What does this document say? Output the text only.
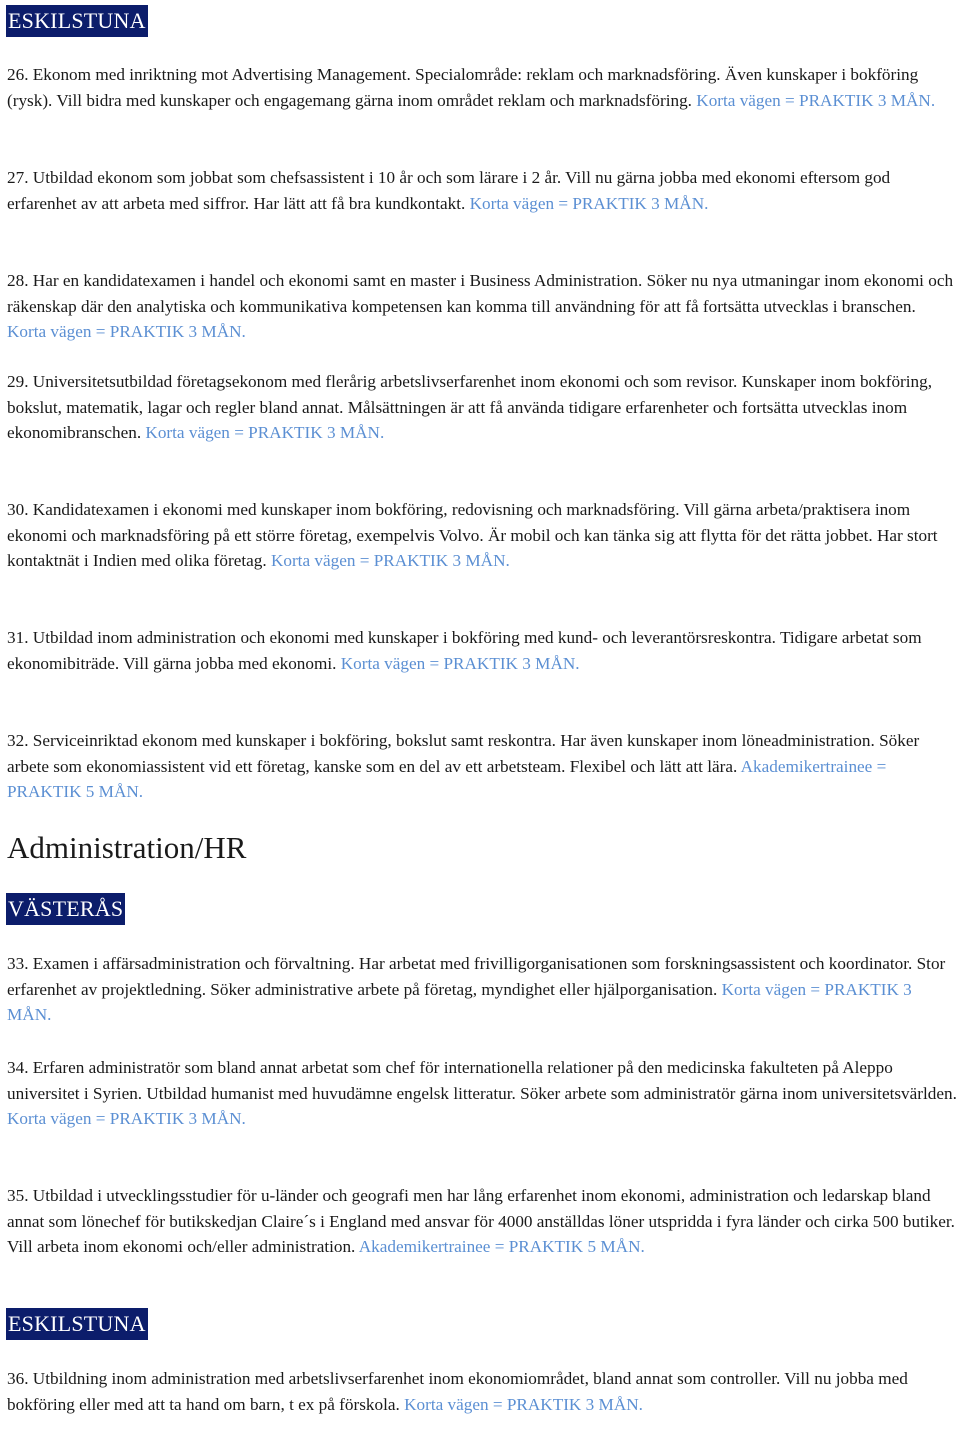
ESKILSTUNA
26. Ekonom med inriktning mot Advertising Management. Specialområde: reklam och marknadsföring. Även kunskaper i bokföring (rysk). Vill bidra med kunskaper och engagemang gärna inom området reklam och marknadsföring. Korta vägen = PRAKTIK 3 MÅN.
27. Utbildad ekonom som jobbat som chefsassistent i 10 år och som lärare i 2 år. Vill nu gärna jobba med ekonomi eftersom god erfarenhet av att arbeta med siffror. Har lätt att få bra kundkontakt. Korta vägen = PRAKTIK 3 MÅN.
28. Har en kandidatexamen i handel och ekonomi samt en master i Business Administration. Söker nu nya utmaningar inom ekonomi och räkenskap där den analytiska och kommunikativa kompetensen kan komma till användning för att få fortsätta utvecklas i branschen. Korta vägen = PRAKTIK 3 MÅN.
29. Universitetsutbildad företagsekonom med flerårig arbetslivserfarenhet inom ekonomi och som revisor. Kunskaper inom bokföring, bokslut, matematik, lagar och regler bland annat. Målsättningen är att få använda tidigare erfarenheter och fortsätta utvecklas inom ekonomibranschen. Korta vägen = PRAKTIK 3 MÅN.
30. Kandidatexamen i ekonomi med kunskaper inom bokföring, redovisning och marknadsföring. Vill gärna arbeta/praktisera inom ekonomi och marknadsföring på ett större företag, exempelvis Volvo. Är mobil och kan tänka sig att flytta för det rätta jobbet. Har stort kontaktnät i Indien med olika företag. Korta vägen = PRAKTIK 3 MÅN.
31. Utbildad inom administration och ekonomi med kunskaper i bokföring med kund- och leverantörsreskontra. Tidigare arbetat som ekonomibiträde. Vill gärna jobba med ekonomi. Korta vägen = PRAKTIK 3 MÅN.
32. Serviceinriktad ekonom med kunskaper i bokföring, bokslut samt reskontra. Har även kunskaper inom löneadministration. Söker arbete som ekonomiassistent vid ett företag, kanske som en del av ett arbetsteam. Flexibel och lätt att lära. Akademikertrainee = PRAKTIK 5 MÅN.
Administration/HR
VÄSTERÅS
33. Examen i affärsadministration och förvaltning. Har arbetat med frivilligorganisationen som forskningsassistent och koordinator. Stor erfarenhet av projektledning. Söker administrative arbete på företag, myndighet eller hjälporganisation. Korta vägen = PRAKTIK 3 MÅN.
34. Erfaren administratör som bland annat arbetat som chef för internationella relationer på den medicinska fakulteten på Aleppo universitet i Syrien. Utbildad humanist med huvudämne engelsk litteratur. Söker arbete som administratör gärna inom universitetsvärlden. Korta vägen = PRAKTIK 3 MÅN.
35. Utbildad i utvecklingsstudier för u-länder och geografi men har lång erfarenhet inom ekonomi, administration och ledarskap bland annat som lönechef för butikskedjan Claire´s i England med ansvar för 4000 anställdas löner utspridda i fyra länder och cirka 500 butiker. Vill arbeta inom ekonomi och/eller administration. Akademikertrainee = PRAKTIK 5 MÅN.
ESKILSTUNA
36. Utbildning inom administration med arbetslivserfarenhet inom ekonomiområdet, bland annat som controller. Vill nu jobba med bokföring eller med att ta hand om barn, t ex på förskola. Korta vägen = PRAKTIK 3 MÅN.
